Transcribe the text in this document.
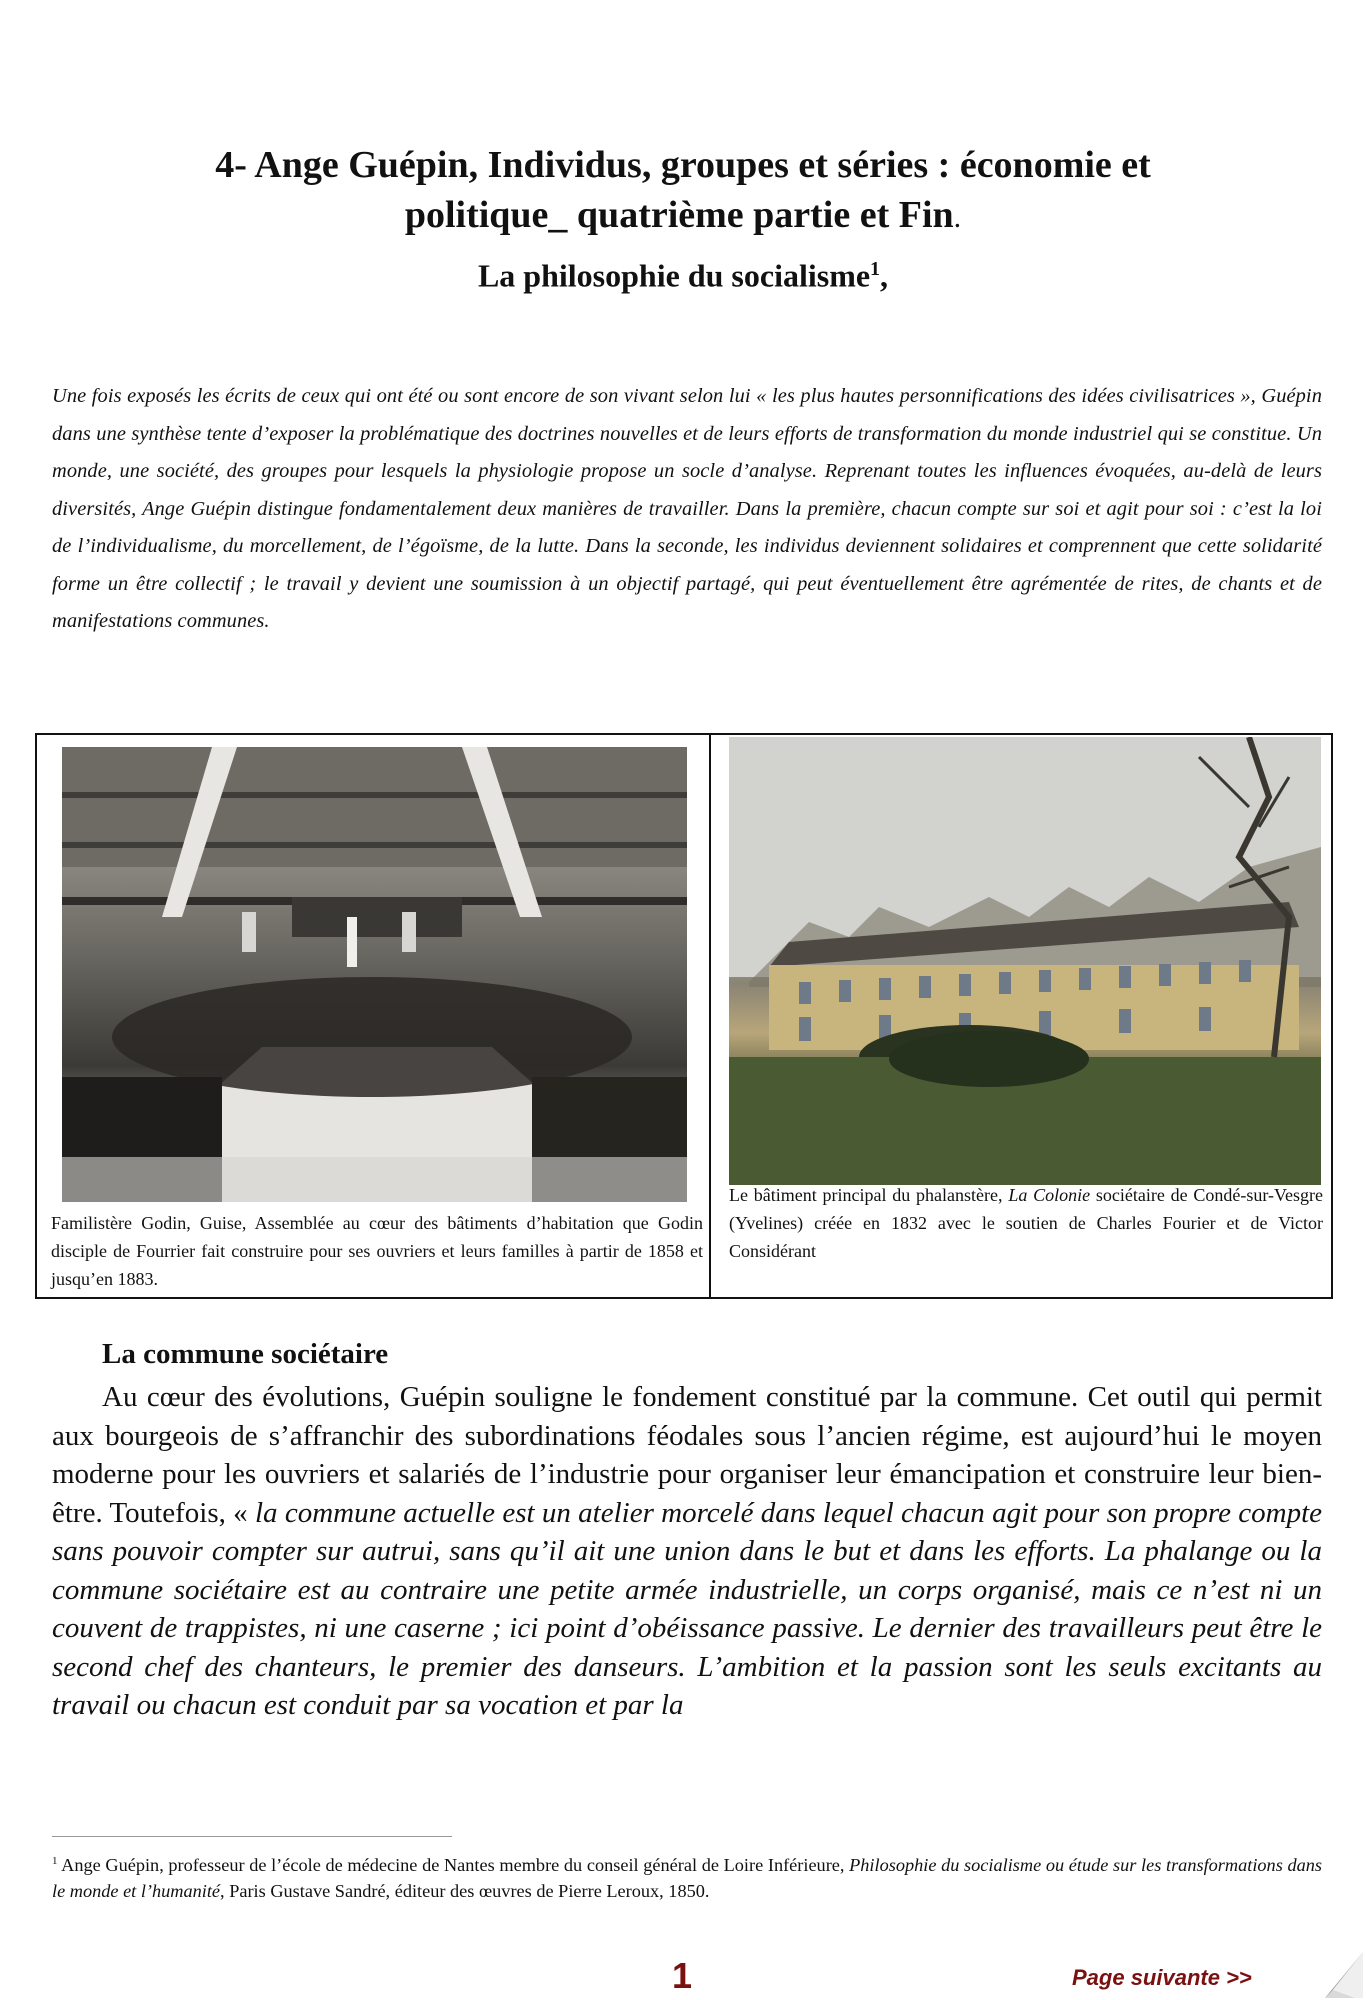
4- Ange Guépin, Individus, groupes et séries : économie et
politique_ quatrième partie et Fin.
La philosophie du socialisme$^1$,

Une fois exposés les écrits de ceux qui ont été ou sont encore de son vivant selon lui « les plus hautes personnifications des idées civilisatrices », Guépin dans une synthèse tente d’exposer la problématique des doctrines nouvelles et de leurs efforts de transformation du monde industriel qui se constitue. Un monde, une société, des groupes pour lesquels la physiologie propose un socle d’analyse. Reprenant toutes les influences évoquées, au-delà de leurs diversités, Ange Guépin distingue fondamentalement deux manières de travailler. Dans la première, chacun compte sur soi et agit pour soi : c’est la loi de l’individualisme, du morcellement, de l’égoïsme, de la lutte. Dans la seconde, les individus deviennent solidaires et comprennent que cette solidarité forme un être collectif ; le travail y devient une soumission à un objectif partagé, qui peut éventuellement être agrémentée de rites, de chants et de manifestations communes.

Familistère Godin, Guise, Assemblée au cœur des bâtiments d’habitation que Godin disciple de Fourrier fait construire pour ses ouvriers et leurs familles à partir de 1858 et jusqu’en 1883.
Le bâtiment principal du phalanstère, La Colonie sociétaire de Condé-sur-Vesgre (Yvelines) créée en 1832 avec le soutien de Charles Fourier et de Victor Considérant
La commune sociétaire

Au cœur des évolutions, Guépin souligne le fondement constitué par la commune. Cet outil qui permit aux bourgeois de s’affranchir des subordinations féodales sous l’ancien régime, est aujourd’hui le moyen moderne pour les ouvriers et salariés de l’industrie pour organiser leur émancipation et construire leur bien-être. Toutefois, « la commune actuelle est un atelier morcelé dans lequel chacun agit pour son propre compte sans pouvoir compter sur autrui, sans qu’il ait une union dans le but et dans les efforts. La phalange ou la commune sociétaire est au contraire une petite armée industrielle, un corps organisé, mais ce n’est ni un couvent de trappistes, ni une caserne ; ici point d’obéissance passive. Le dernier des travailleurs peut être le second chef des chanteurs, le premier des danseurs. L’ambition et la passion sont les seuls excitants au travail ou chacun est conduit par sa vocation et par la

$^1$ Ange Guépin, professeur de l’école de médecine de Nantes membre du conseil général de Loire Inférieure, Philosophie du socialisme ou étude sur les transformations dans le monde et l’humanité, Paris Gustave Sandré, éditeur des œuvres de Pierre Leroux, 1850.
1	Page suivante >>
